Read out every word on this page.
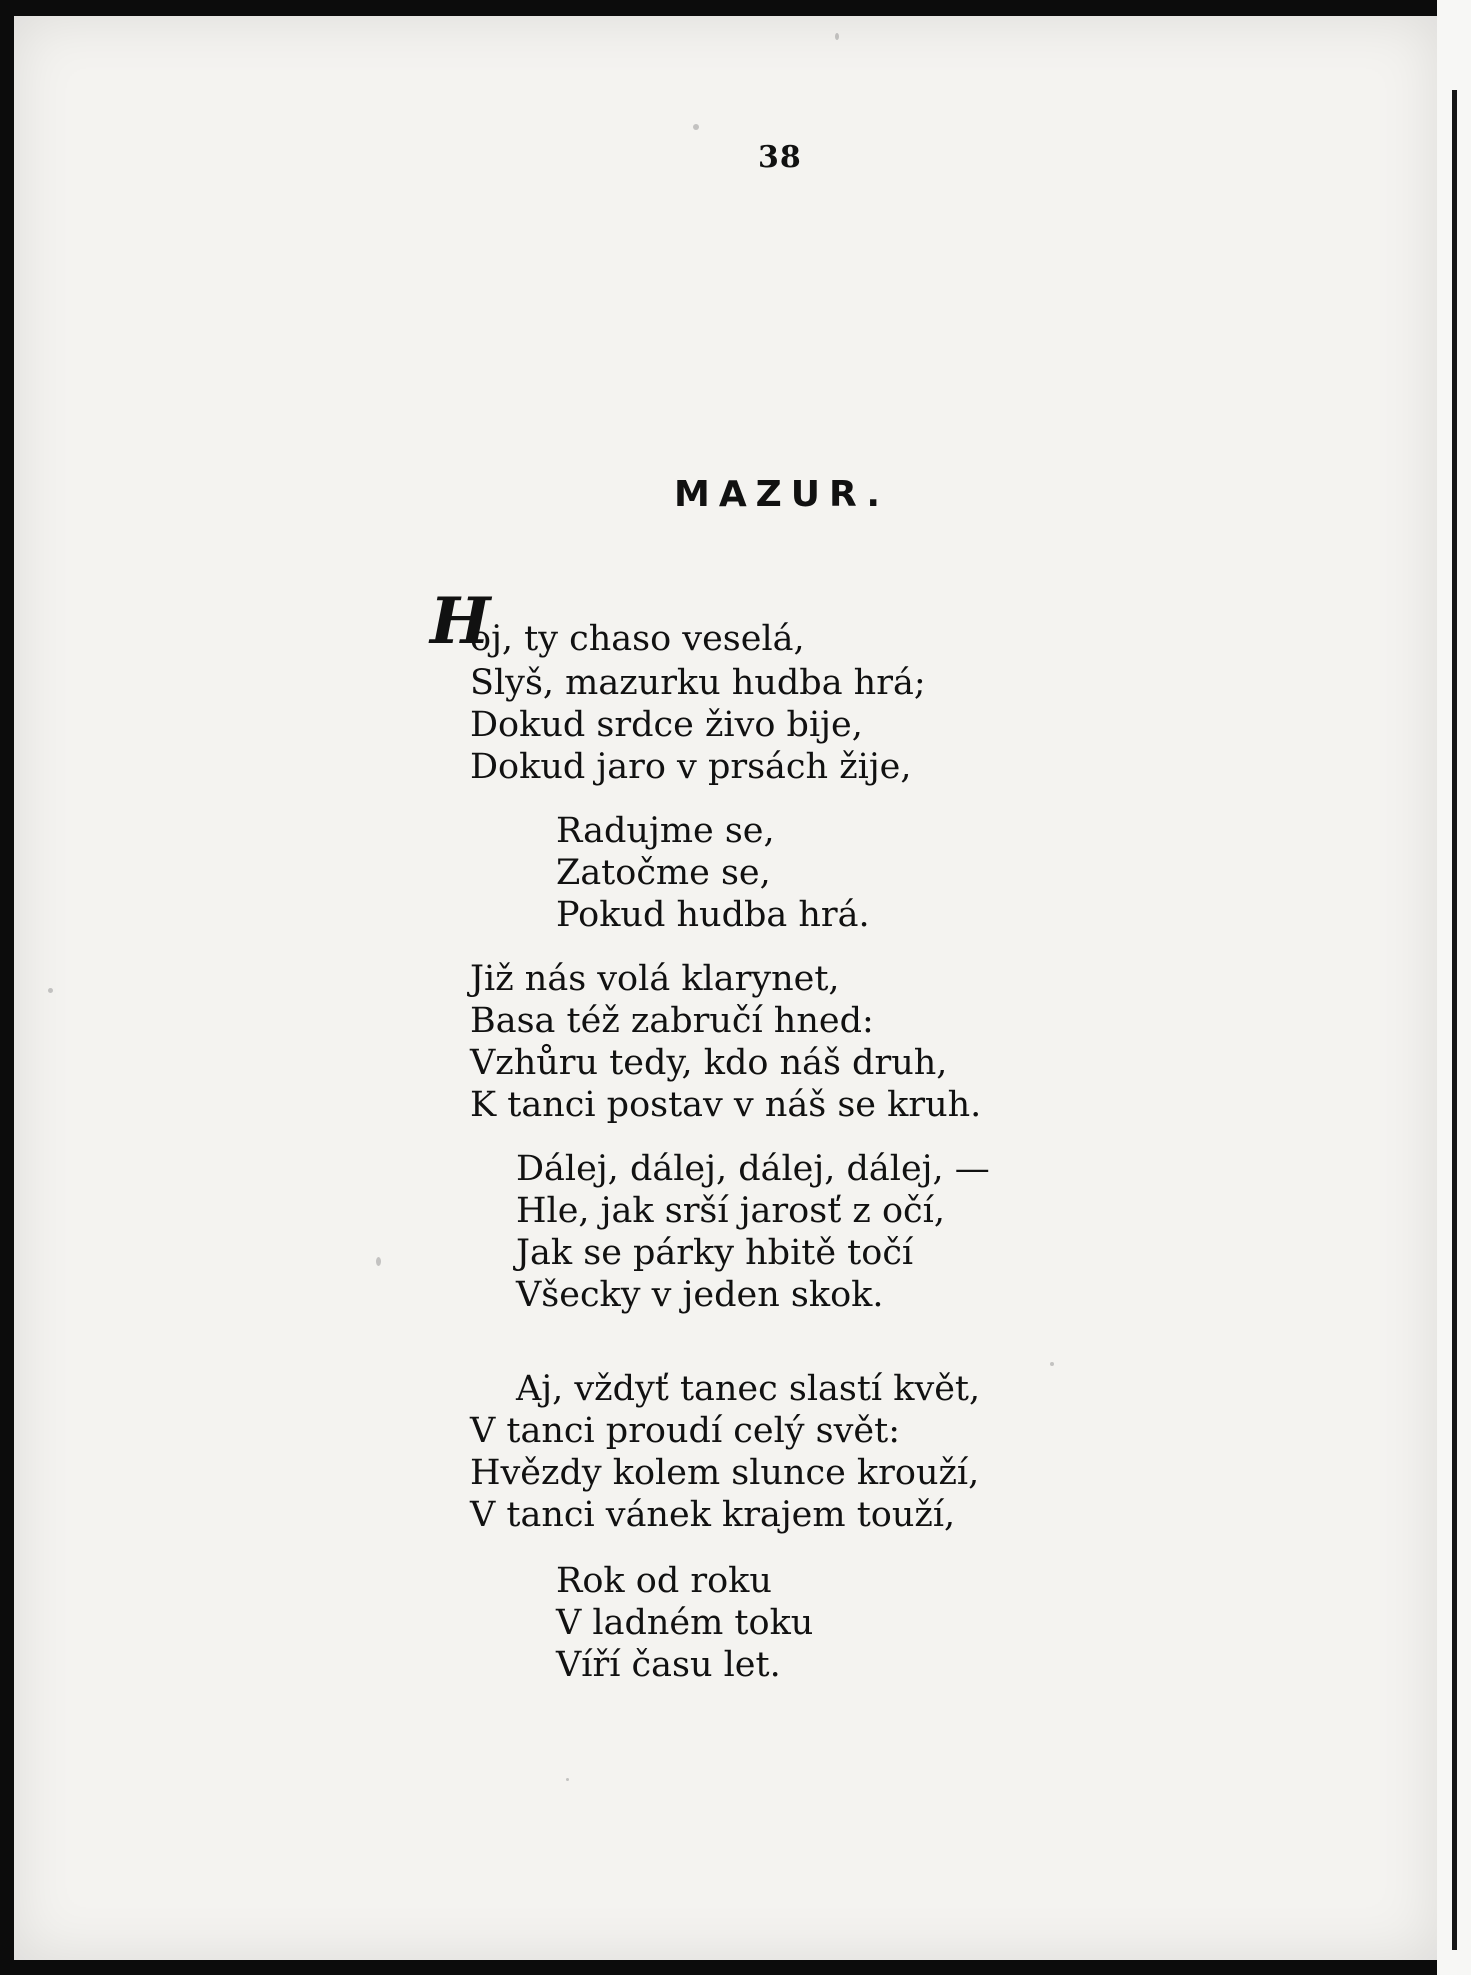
38
MAZUR.
H
oj, ty chaso veselá,
Slyš, mazurku hudba hrá;
Dokud srdce živo bije,
Dokud jaro v prsách žije,
Radujme se,
Zatočme se,
Pokud hudba hrá.
Již nás volá klarynet,
Basa též zabručí hned:
Vzhůru tedy, kdo náš druh,
K tanci postav v náš se kruh.
Dálej, dálej, dálej, dálej, —
Hle, jak srší jarosť z očí,
Jak se párky hbitě točí
Všecky v jeden skok.
Aj, vždyť tanec slastí květ,
V tanci proudí celý svět:
Hvězdy kolem slunce krouží,
V tanci vánek krajem touží,
Rok od roku
V ladném toku
Víří času let.
